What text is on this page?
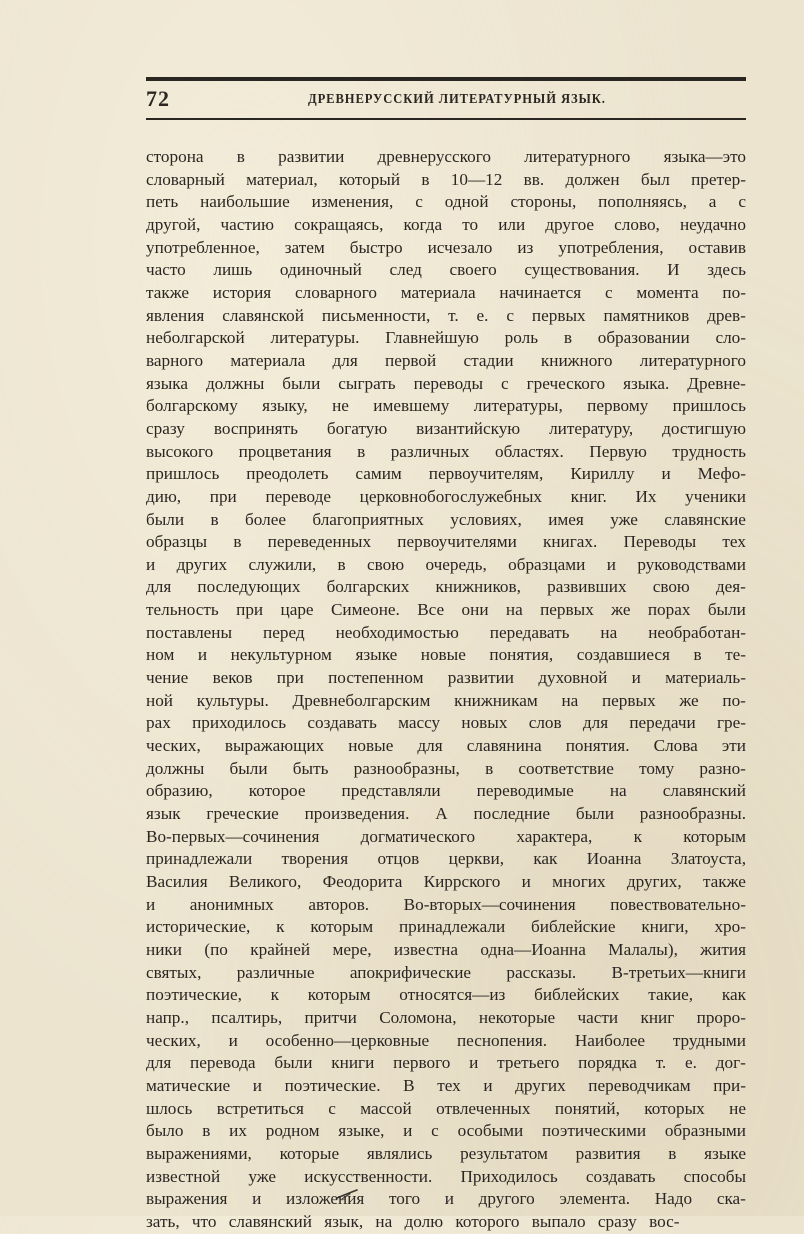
72	ДРЕВНЕРУССКИЙ ЛИТЕРАТУРНЫЙ ЯЗЫК.
сторона в развитии древнерусского литературного языка—это
словарный материал, который в 10—12 вв. должен был претер-
петь наибольшие изменения, с одной стороны, пополняясь, а с
другой, частию сокращаясь, когда то или другое слово, неудачно
употребленное, затем быстро исчезало из употребления, оставив
часто лишь одиночный след своего существования. И здесь
также история словарного материала начинается с момента по-
явления славянской письменности, т. е. с первых памятников древ-
неболгарской литературы. Главнейшую роль в образовании сло-
варного материала для первой стадии книжного литературного
языка должны были сыграть переводы с греческого языка. Древне-
болгарскому языку, не имевшему литературы, первому пришлось
сразу воспринять богатую византийскую литературу, достигшую
высокого процветания в различных областях. Первую трудность
пришлось преодолеть самим первоучителям, Кириллу и Мефо-
дию, при переводе церковнобогослужебных книг. Их ученики
были в более благоприятных условиях, имея уже славянские
образцы в переведенных первоучителями книгах. Переводы тех
и других служили, в свою очередь, образцами и руководствами
для последующих болгарских книжников, развивших свою дея-
тельность при царе Симеоне. Все они на первых же порах были
поставлены перед необходимостью передавать на необработан-
ном и некультурном языке новые понятия, создавшиеся в те-
чение веков при постепенном развитии духовной и материаль-
ной культуры. Древнеболгарским книжникам на первых же по-
рах приходилось создавать массу новых слов для передачи гре-
ческих, выражающих новые для славянина понятия. Слова эти
должны были быть разнообразны, в соответствие тому разно-
образию, которое представляли переводимые на славянский
язык греческие произведения. А последние были разнообразны.
Во-первых—сочинения догматического характера, к которым
принадлежали творения отцов церкви, как Иоанна Златоуста,
Василия Великого, Феодорита Киррского и многих других, также
и анонимных авторов. Во-вторых—сочинения повествовательно-
исторические, к которым принадлежали библейские книги, хро-
ники (по крайней мере, известна одна—Иоанна Малалы), жития
святых, различные апокрифические рассказы. В-третьих—книги
поэтические, к которым относятся—из библейских такие, как
напр., псалтирь, притчи Соломона, некоторые части книг проро-
ческих, и особенно—церковные песнопения. Наиболее трудными
для перевода были книги первого и третьего порядка т. е. дог-
матические и поэтические. В тех и других переводчикам при-
шлось встретиться с массой отвлеченных понятий, которых не
было в их родном языке, и с особыми поэтическими образными
выражениями, которые являлись результатом развития в языке
известной уже искусственности. Приходилось создавать способы
выражения и изложения того и другого элемента. Надо ска-
зать, что славянский язык, на долю которого выпало сразу вос-
